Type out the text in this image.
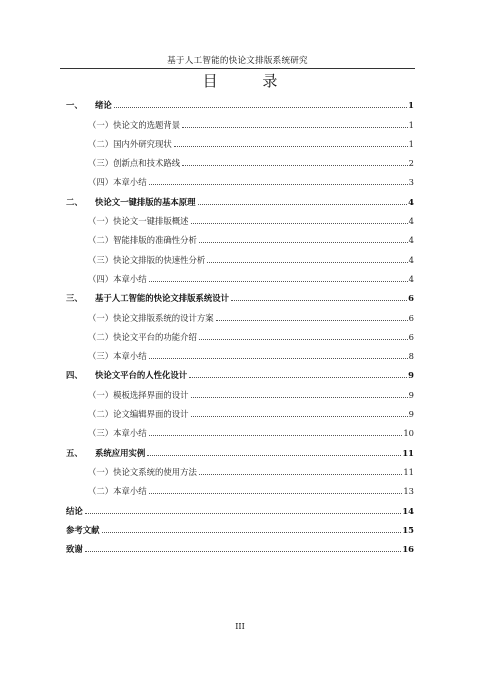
基于人工智能的快论文排版系统研究
目 录
一、 绪论	1
（一）快论文的选题背景	1
（二）国内外研究现状	1
（三）创新点和技术路线	2
（四）本章小结	3
二、 快论文一键排版的基本原理	4
（一）快论文一键排版概述	4
（二）智能排版的准确性分析	4
（三）快论文排版的快速性分析	4
（四）本章小结	4
三、 基于人工智能的快论文排版系统设计	6
（一）快论文排版系统的设计方案	6
（二）快论文平台的功能介绍	6
（三）本章小结	8
四、 快论文平台的人性化设计	9
（一）模板选择界面的设计	9
（二）论文编辑界面的设计	9
（三）本章小结	10
五、 系统应用实例	11
（一）快论文系统的使用方法	11
（二）本章小结	13
结论	14
参考文献	15
致谢	16
III
